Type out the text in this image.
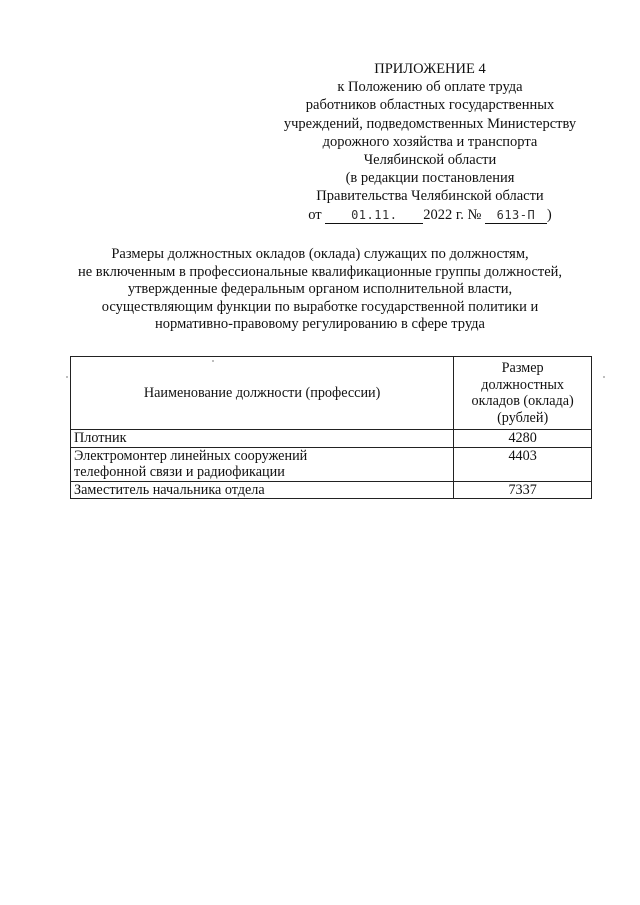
ПРИЛОЖЕНИЕ 4
к Положению об оплате труда
работников областных государственных
учреждений, подведомственных Министерству
дорожного хозяйства и транспорта
Челябинской области
(в редакции постановления
Правительства Челябинской области
от 01.11. 2022 г. № 613-П )
Размеры должностных окладов (оклада) служащих по должностям,
не включенным в профессиональные квалификационные группы должностей,
утвержденные федеральным органом исполнительной власти,
осуществляющим функции по выработке государственной политики и
нормативно-правовому регулированию в сфере труда
Наименование должности (профессии)	Размер
должностных
окладов (оклада)
(рублей)

Плотник	4280

Электромонтер линейных сооружений
телефонной связи и радиофикации	4403

Заместитель начальника отдела	7337
